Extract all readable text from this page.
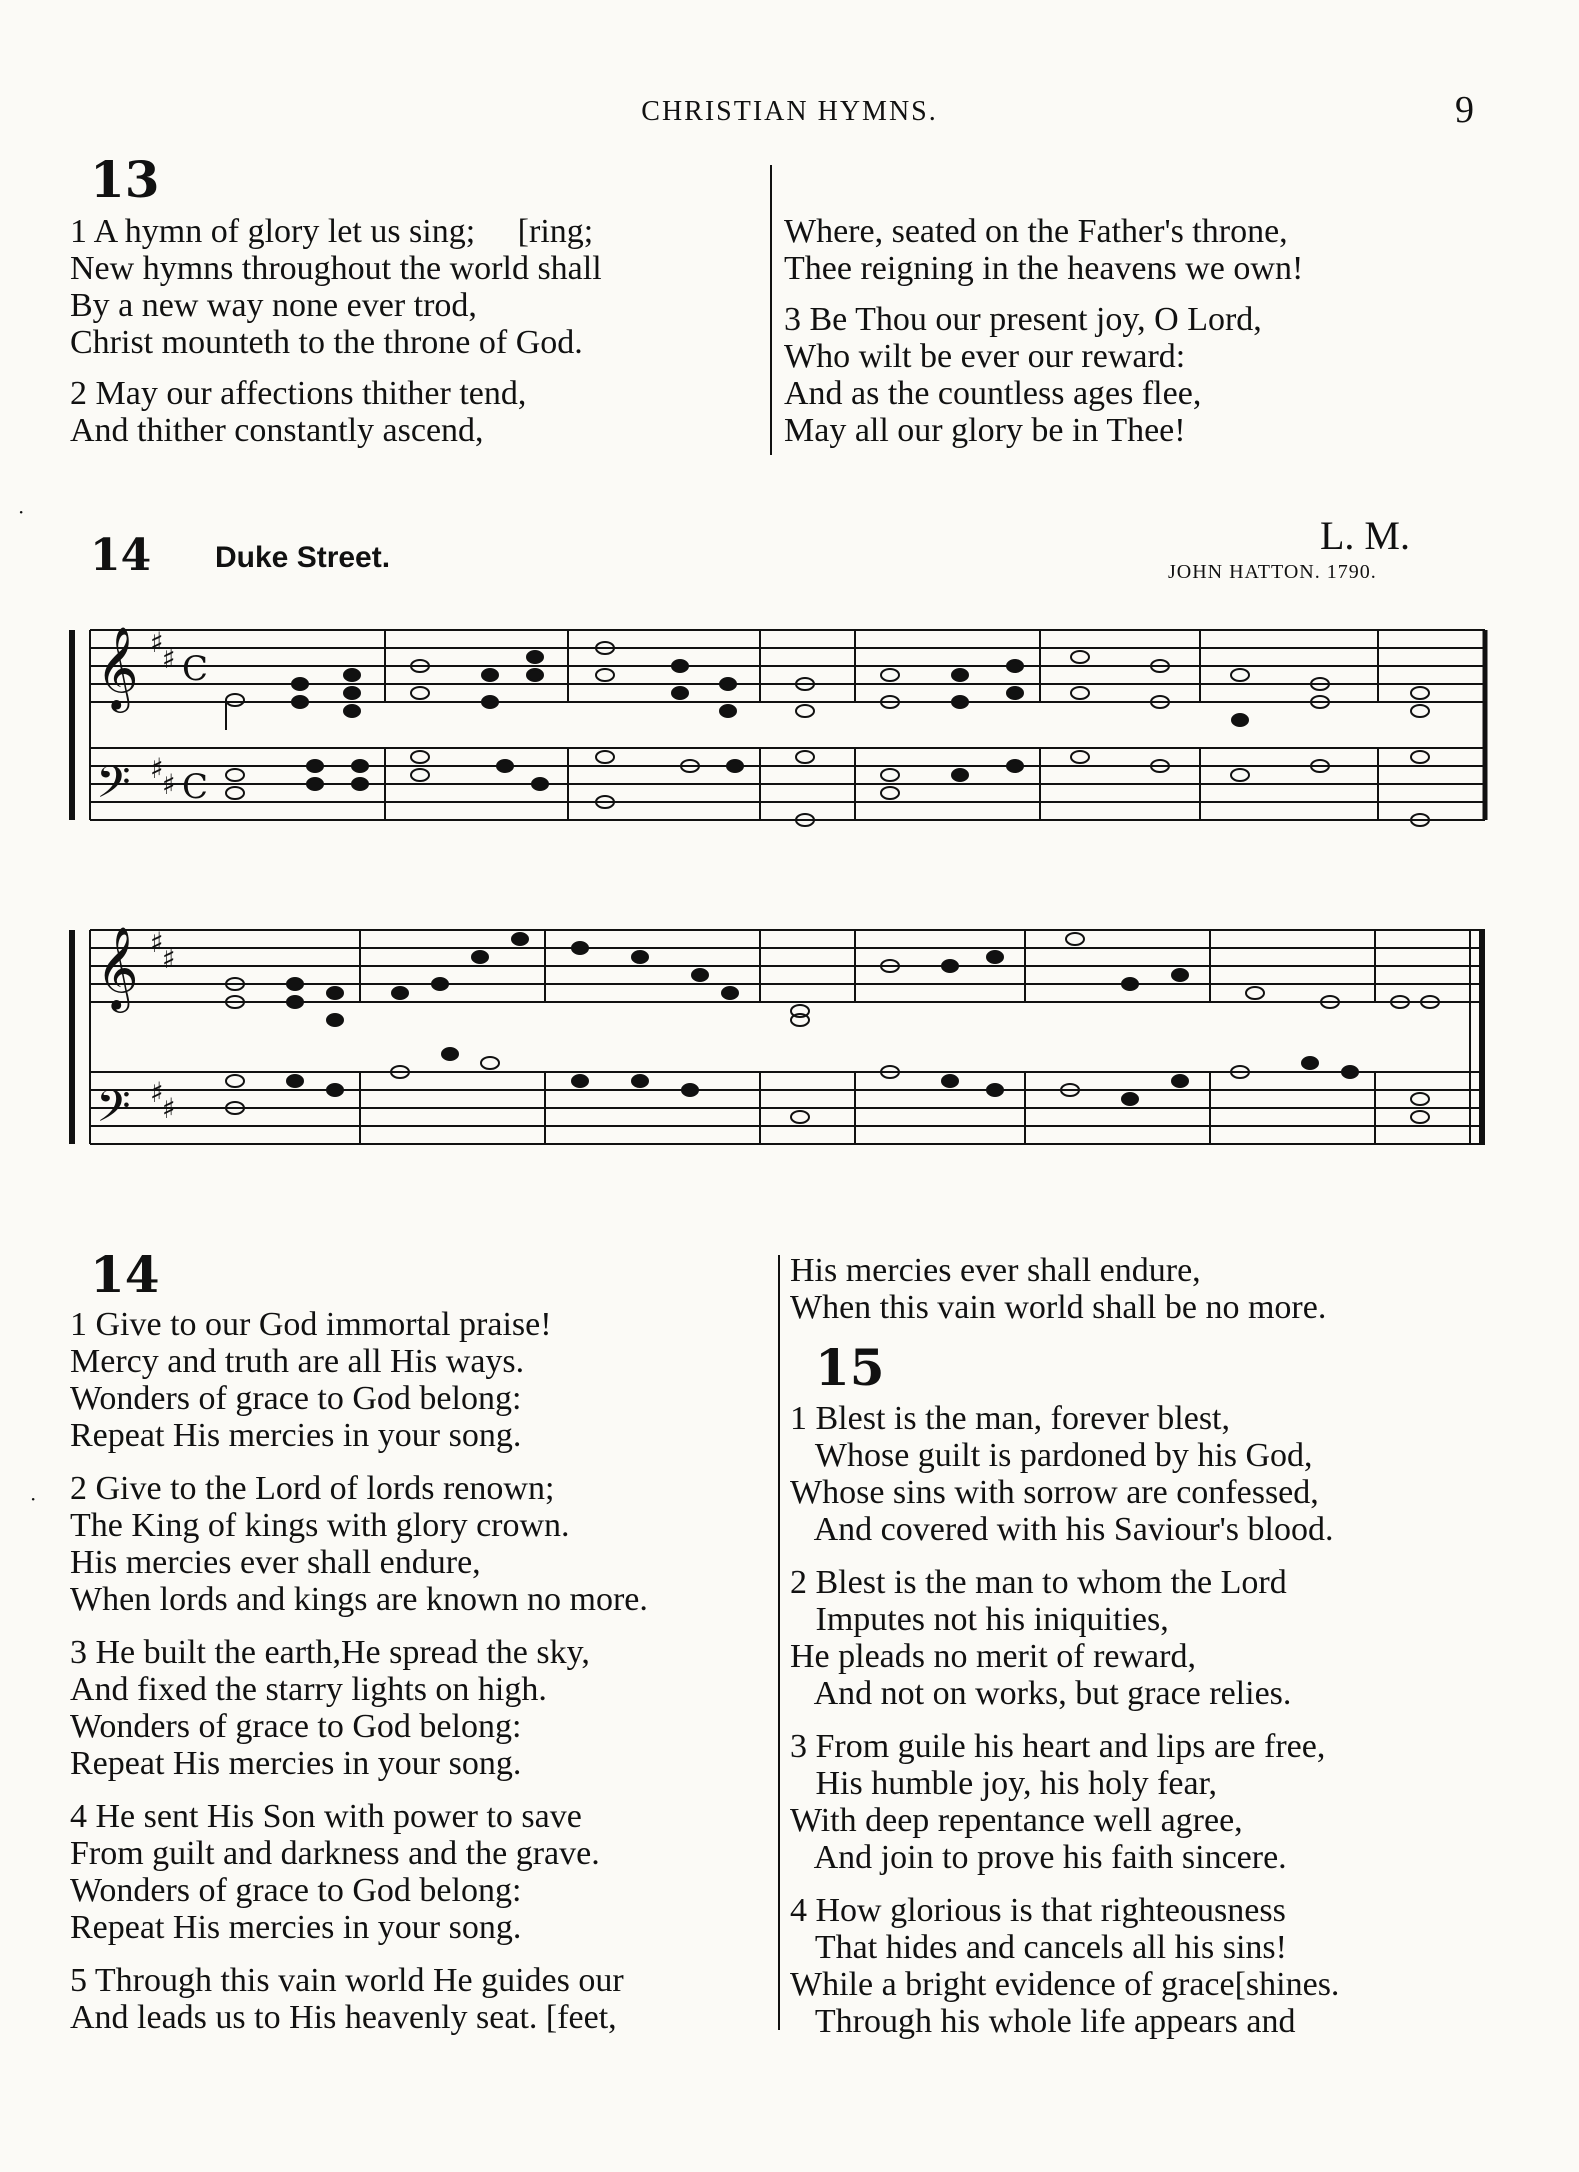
CHRISTIAN HYMNS.	9
13
1 A hymn of glory let us sing;     [ring;
New hymns throughout the world shall
By a new way none ever trod,
Christ mounteth to the throne of God.
2 May our affections thither tend,
And thither constantly ascend,
Where, seated on the Father's throne,
Thee reigning in the heavens we own!
3 Be Thou our present joy, O Lord,
Who wilt be ever our reward:
And as the countless ages flee,
May all our glory be in Thee!
·
14 Duke Street.	L. M.
JOHN HATTON. 1790.
𝄞
𝄢
♯
♯
♯
♯
C
C
𝄞
𝄢
♯
♯
♯
♯
14
1 Give to our God immortal praise!
Mercy and truth are all His ways.
Wonders of grace to God belong:
Repeat His mercies in your song.
2 Give to the Lord of lords renown;
The King of kings with glory crown.
His mercies ever shall endure,
When lords and kings are known no more.
3 He built the earth,He spread the sky,
And fixed the starry lights on high.
Wonders of grace to God belong:
Repeat His mercies in your song.
4 He sent His Son with power to save
From guilt and darkness and the grave.
Wonders of grace to God belong:
Repeat His mercies in your song.
5 Through this vain world He guides our
And leads us to His heavenly seat. [feet,
His mercies ever shall endure,
When this vain world shall be no more.
·
15
1 Blest is the man, forever blest,
Whose guilt is pardoned by his God,
Whose sins with sorrow are confessed,
And covered with his Saviour's blood.
2 Blest is the man to whom the Lord
Imputes not his iniquities,
He pleads no merit of reward,
And not on works, but grace relies.
3 From guile his heart and lips are free,
His humble joy, his holy fear,
With deep repentance well agree,
And join to prove his faith sincere.
4 How glorious is that righteousness
That hides and cancels all his sins!
While a bright evidence of grace[shines.
Through his whole life appears and
